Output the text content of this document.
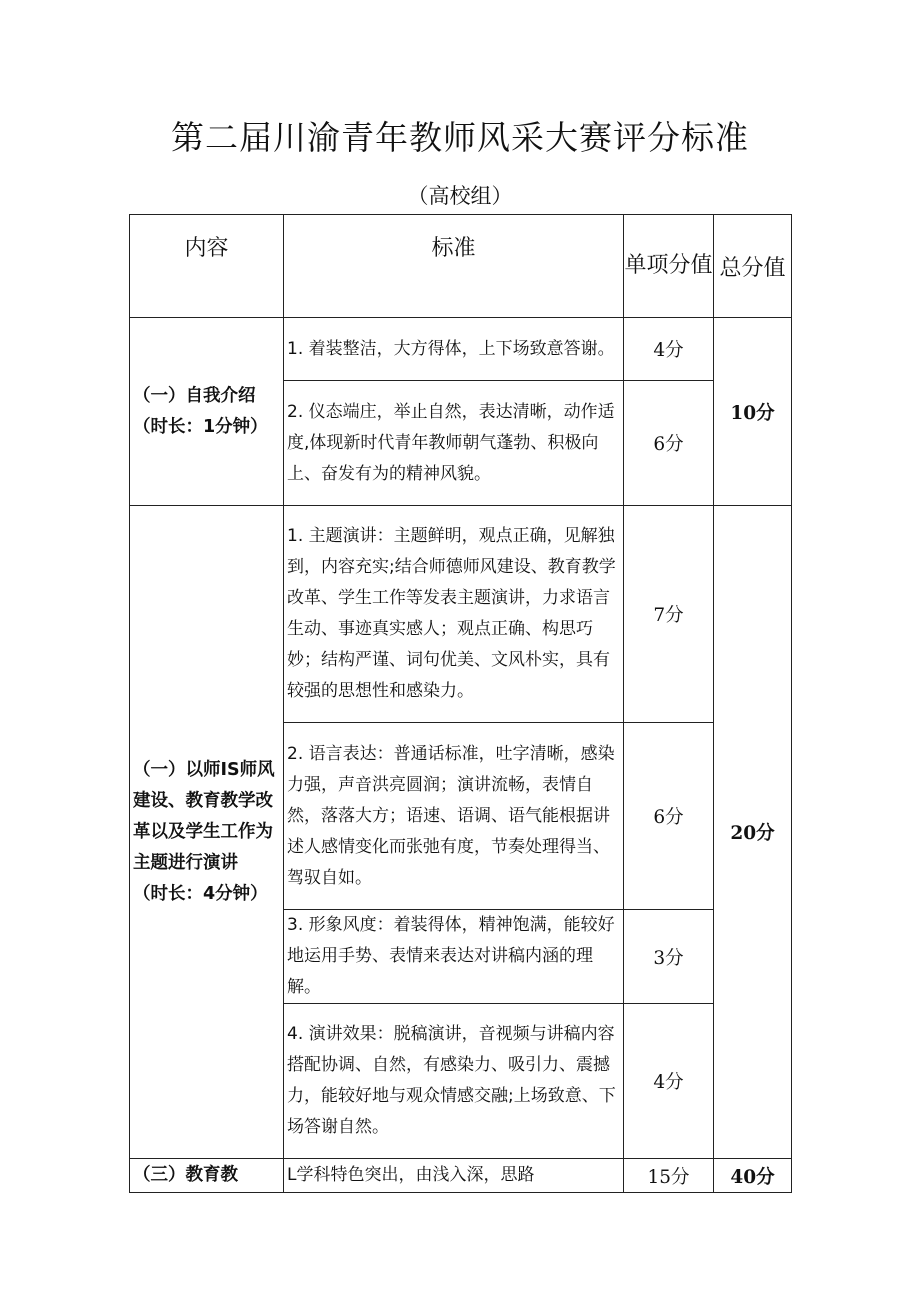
第二届川渝青年教师风采大赛评分标准
（高校组）
内容	标准	单项分值	总分值
（一）自我介绍
（时长：1分钟）	1. 着装整洁，大方得体，上下场致意答谢。	4分	10分
	2. 仪态端庄，举止自然，表达清晰，动作适度,体现新时代青年教师朝气蓬勃、积极向上、奋发有为的精神风貌。	6分	
（一）以师IS师风建设、教育教学改革以及学生工作为主题进行演讲
（时长：4分钟）	1. 主题演讲：主题鲜明，观点正确，见解独到，内容充实;结合师德师风建设、教育教学改革、学生工作等发表主题演讲，力求语言生动、事迹真实感人；观点正确、构思巧妙；结构严谨、词句优美、文风朴实，具有较强的思想性和感染力。	7分	20分
	2. 语言表达：普通话标准，吐字清晰，感染力强，声音洪亮圆润；演讲流畅，表情自然，落落大方；语速、语调、语气能根据讲述人感情变化而张弛有度，节奏处理得当、驾驭自如。	6分	
	3. 形象风度：着装得体，精神饱满，能较好地运用手势、表情来表达对讲稿内涵的理解。	3分	
	4. 演讲效果：脱稿演讲，音视频与讲稿内容搭配协调、自然，有感染力、吸引力、震撼力，能较好地与观众情感交融;上场致意、下场答谢自然。	4分	
（三）教育教	L学科特色突出，由浅入深，思路	15分	40分
